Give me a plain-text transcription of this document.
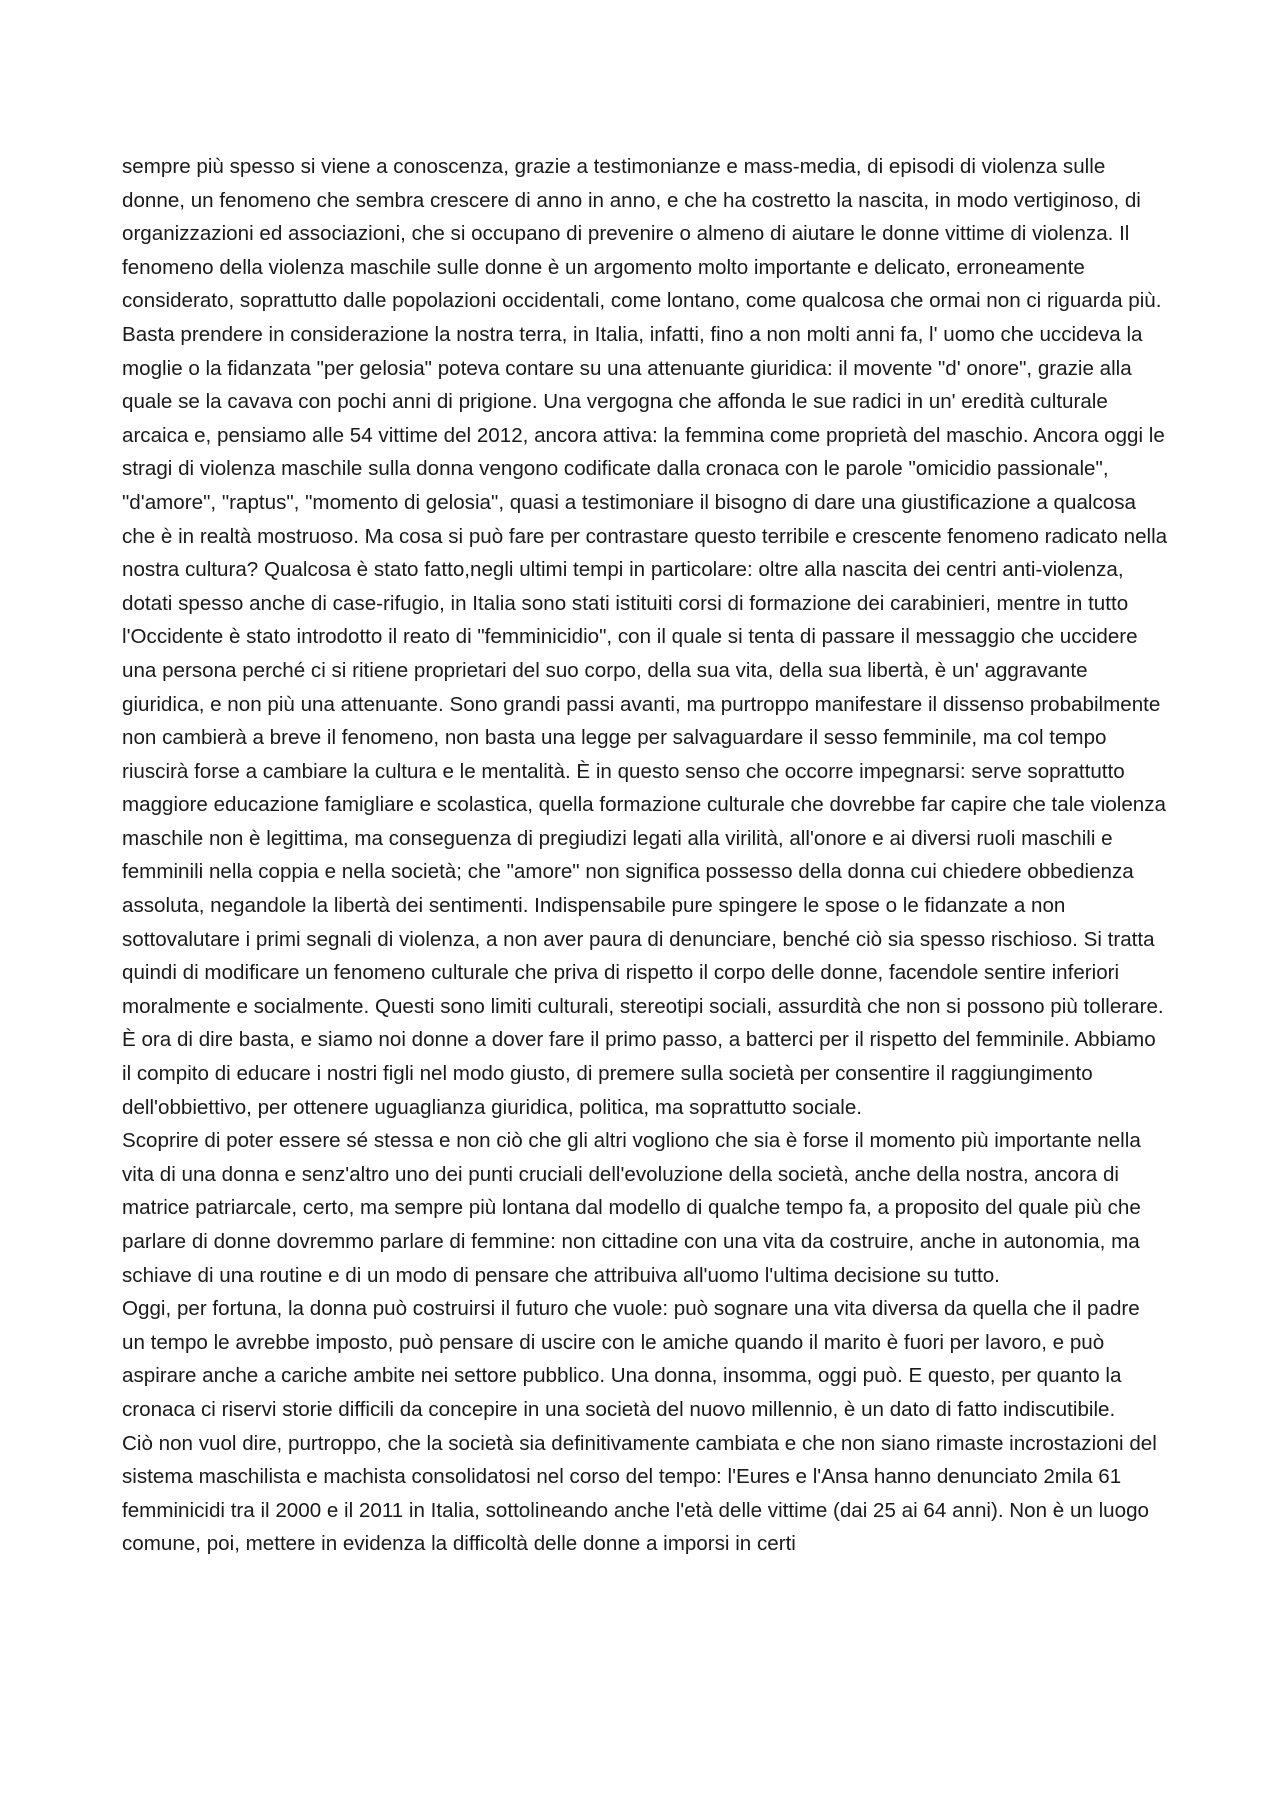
sempre più spesso si viene a conoscenza, grazie a testimonianze e mass-media, di episodi di violenza sulle donne, un fenomeno che sembra crescere di anno in anno, e che ha costretto la nascita, in modo vertiginoso, di organizzazioni ed associazioni, che si occupano di prevenire o almeno di aiutare le donne vittime di violenza. Il fenomeno della violenza maschile sulle donne è un argomento molto importante e delicato, erroneamente considerato, soprattutto dalle popolazioni occidentali, come lontano, come qualcosa che ormai non ci riguarda più. Basta prendere in considerazione la nostra terra, in Italia, infatti, fino a non molti anni fa, l' uomo che uccideva la moglie o la fidanzata "per gelosia" poteva contare su una attenuante giuridica: il movente "d' onore", grazie alla quale se la cavava con pochi anni di prigione. Una vergogna che affonda le sue radici in un' eredità culturale arcaica e, pensiamo alle 54 vittime del 2012, ancora attiva: la femmina come proprietà del maschio. Ancora oggi le stragi di violenza maschile sulla donna vengono codificate dalla cronaca con le parole "omicidio passionale", "d'amore", "raptus", "momento di gelosia", quasi a testimoniare il bisogno di dare una giustificazione a qualcosa che è in realtà mostruoso. Ma cosa si può fare per contrastare questo terribile e crescente fenomeno radicato nella nostra cultura? Qualcosa è stato fatto,negli ultimi tempi in particolare: oltre alla nascita dei centri anti-violenza, dotati spesso anche di case-rifugio, in Italia sono stati istituiti corsi di formazione dei carabinieri, mentre in tutto l'Occidente è stato introdotto il reato di "femminicidio", con il quale si tenta di passare il messaggio che uccidere una persona perché ci si ritiene proprietari del suo corpo, della sua vita, della sua libertà, è un' aggravante giuridica, e non più una attenuante. Sono grandi passi avanti, ma purtroppo manifestare il dissenso probabilmente non cambierà a breve il fenomeno, non basta una legge per salvaguardare il sesso femminile, ma col tempo riuscirà forse a cambiare la cultura e le mentalità. È in questo senso che occorre impegnarsi: serve soprattutto maggiore educazione famigliare e scolastica, quella formazione culturale che dovrebbe far capire che tale violenza maschile non è legittima, ma conseguenza di pregiudizi legati alla virilità, all'onore e ai diversi ruoli maschili e femminili nella coppia e nella società; che "amore" non significa possesso della donna cui chiedere obbedienza assoluta, negandole la libertà dei sentimenti. Indispensabile pure spingere le spose o le fidanzate a non sottovalutare i primi segnali di violenza, a non aver paura di denunciare, benché ciò sia spesso rischioso. Si tratta quindi di modificare un fenomeno culturale che priva di rispetto il corpo delle donne, facendole sentire inferiori moralmente e socialmente. Questi sono limiti culturali, stereotipi sociali, assurdità che non si possono più tollerare. È ora di dire basta, e siamo noi donne a dover fare il primo passo, a batterci per il rispetto del femminile. Abbiamo il compito di educare i nostri figli nel modo giusto, di premere sulla società per consentire il raggiungimento dell'obbiettivo, per ottenere uguaglianza giuridica, politica, ma soprattutto sociale.

Scoprire di poter essere sé stessa e non ciò che gli altri vogliono che sia è forse il momento più importante nella vita di una donna e senz'altro uno dei punti cruciali dell'evoluzione della società, anche della nostra, ancora di matrice patriarcale, certo, ma sempre più lontana dal modello di qualche tempo fa, a proposito del quale più che parlare di donne dovremmo parlare di femmine: non cittadine con una vita da costruire, anche in autonomia, ma schiave di una routine e di un modo di pensare che attribuiva all'uomo l'ultima decisione su tutto.

Oggi, per fortuna, la donna può costruirsi il futuro che vuole: può sognare una vita diversa da quella che il padre un tempo le avrebbe imposto, può pensare di uscire con le amiche quando il marito è fuori per lavoro, e può aspirare anche a cariche ambite nei settore pubblico. Una donna, insomma, oggi può. E questo, per quanto la cronaca ci riservi storie difficili da concepire in una società del nuovo millennio, è un dato di fatto indiscutibile.

Ciò non vuol dire, purtroppo, che la società sia definitivamente cambiata e che non siano rimaste incrostazioni del sistema maschilista e machista consolidatosi nel corso del tempo: l'Eures e l'Ansa hanno denunciato 2mila 61 femminicidi tra il 2000 e il 2011 in Italia, sottolineando anche l'età delle vittime (dai 25 ai 64 anni). Non è un luogo comune, poi, mettere in evidenza la difficoltà delle donne a imporsi in certi
